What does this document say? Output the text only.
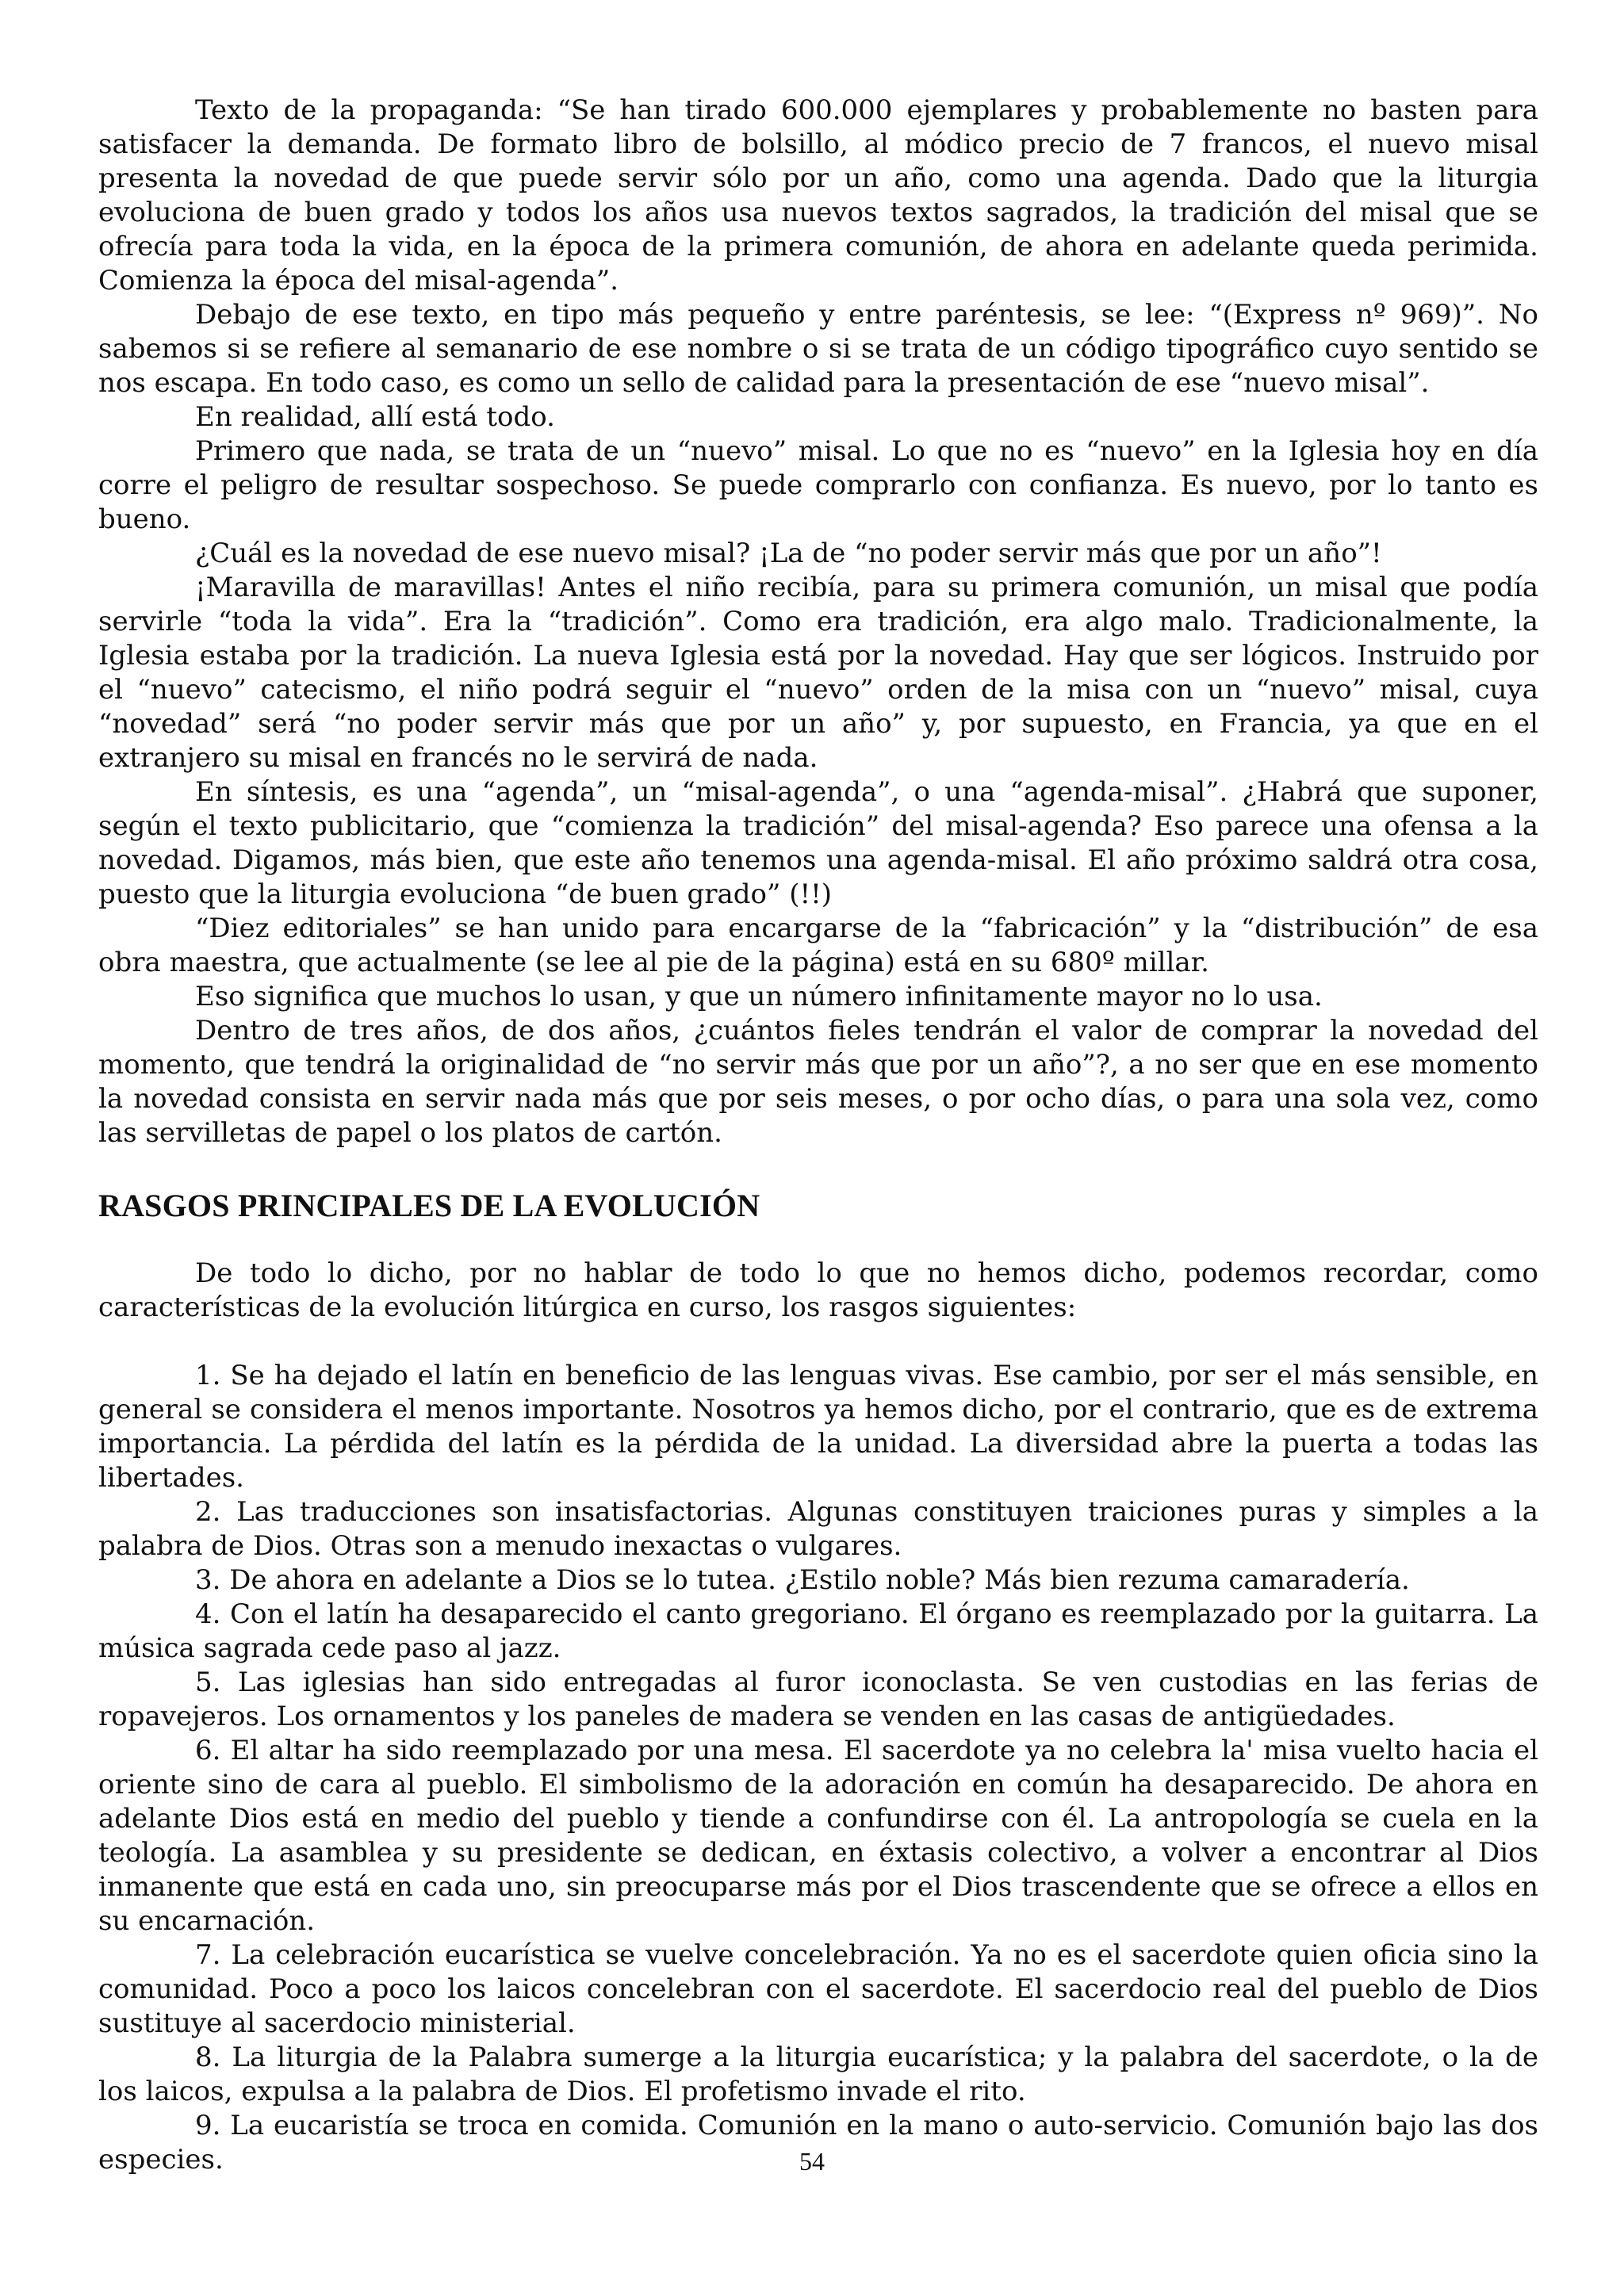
Texto de la propaganda: “Se han tirado 600.000 ejemplares y probablemente no basten para satisfacer la demanda. De formato libro de bolsillo, al módico precio de 7 francos, el nuevo misal presenta la novedad de que puede servir sólo por un año, como una agenda. Dado que la liturgia evoluciona de buen grado y todos los años usa nuevos textos sagrados, la tradición del misal que se ofrecía para toda la vida, en la época de la primera comunión, de ahora en adelante queda perimida. Comienza la época del misal-agenda”.

Debajo de ese texto, en tipo más pequeño y entre paréntesis, se lee: “(Express nº 969)”. No sabemos si se refiere al semanario de ese nombre o si se trata de un código tipográfico cuyo sentido se nos escapa. En todo caso, es como un sello de calidad para la presentación de ese “nuevo misal”.

En realidad, allí está todo.

Primero que nada, se trata de un “nuevo” misal. Lo que no es “nuevo” en la Iglesia hoy en día corre el peligro de resultar sospechoso. Se puede comprarlo con confianza. Es nuevo, por lo tanto es bueno.

¿Cuál es la novedad de ese nuevo misal? ¡La de “no poder servir más que por un año”!

¡Maravilla de maravillas! Antes el niño recibía, para su primera comunión, un misal que podía servirle “toda la vida”. Era la “tradición”. Como era tradición, era algo malo. Tradicionalmente, la Iglesia estaba por la tradición. La nueva Iglesia está por la novedad. Hay que ser lógicos. Instruido por el “nuevo” catecismo, el niño podrá seguir el “nuevo” orden de la misa con un “nuevo” misal, cuya “novedad” será “no poder servir más que por un año” y, por supuesto, en Francia, ya que en el extranjero su misal en francés no le servirá de nada.

En síntesis, es una “agenda”, un “misal-agenda”, o una “agenda-misal”. ¿Habrá que suponer, según el texto publicitario, que “comienza la tradición” del misal-agenda? Eso parece una ofensa a la novedad. Digamos, más bien, que este año tenemos una agenda-misal. El año próximo saldrá otra cosa, puesto que la liturgia evoluciona “de buen grado” (!!)

“Diez editoriales” se han unido para encargarse de la “fabricación” y la “distribución” de esa obra maestra, que actualmente (se lee al pie de la página) está en su 680º millar.

Eso significa que muchos lo usan, y que un número infinitamente mayor no lo usa.

Dentro de tres años, de dos años, ¿cuántos fieles tendrán el valor de comprar la novedad del momento, que tendrá la originalidad de “no servir más que por un año”?, a no ser que en ese momento la novedad consista en servir nada más que por seis meses, o por ocho días, o para una sola vez, como las servilletas de papel o los platos de cartón.

RASGOS PRINCIPALES DE LA EVOLUCIÓN

De todo lo dicho, por no hablar de todo lo que no hemos dicho, podemos recordar, como características de la evolución litúrgica en curso, los rasgos siguientes:

1. Se ha dejado el latín en beneficio de las lenguas vivas. Ese cambio, por ser el más sensible, en general se considera el menos importante. Nosotros ya hemos dicho, por el contrario, que es de extrema importancia. La pérdida del latín es la pérdida de la unidad. La diversidad abre la puerta a todas las libertades.

2. Las traducciones son insatisfactorias. Algunas constituyen traiciones puras y simples a la palabra de Dios. Otras son a menudo inexactas o vulgares.

3. De ahora en adelante a Dios se lo tutea. ¿Estilo noble? Más bien rezuma camaradería.

4. Con el latín ha desaparecido el canto gregoriano. El órgano es reemplazado por la guitarra. La música sagrada cede paso al jazz.

5. Las iglesias han sido entregadas al furor iconoclasta. Se ven custodias en las ferias de ropavejeros. Los ornamentos y los paneles de madera se venden en las casas de antigüedades.

6. El altar ha sido reemplazado por una mesa. El sacerdote ya no celebra la' misa vuelto hacia el oriente sino de cara al pueblo. El simbolismo de la adoración en común ha desaparecido. De ahora en adelante Dios está en medio del pueblo y tiende a confundirse con él. La antropología se cuela en la teología. La asamblea y su presidente se dedican, en éxtasis colectivo, a volver a encontrar al Dios inmanente que está en cada uno, sin preocuparse más por el Dios trascendente que se ofrece a ellos en su encarnación.

7. La celebración eucarística se vuelve concelebración. Ya no es el sacerdote quien oficia sino la comunidad. Poco a poco los laicos concelebran con el sacerdote. El sacerdocio real del pueblo de Dios sustituye al sacerdocio ministerial.

8. La liturgia de la Palabra sumerge a la liturgia eucarística; y la palabra del sacerdote, o la de los laicos, expulsa a la palabra de Dios. El profetismo invade el rito.

9. La eucaristía se troca en comida. Comunión en la mano o auto-servicio. Comunión bajo las dos especies.	54
